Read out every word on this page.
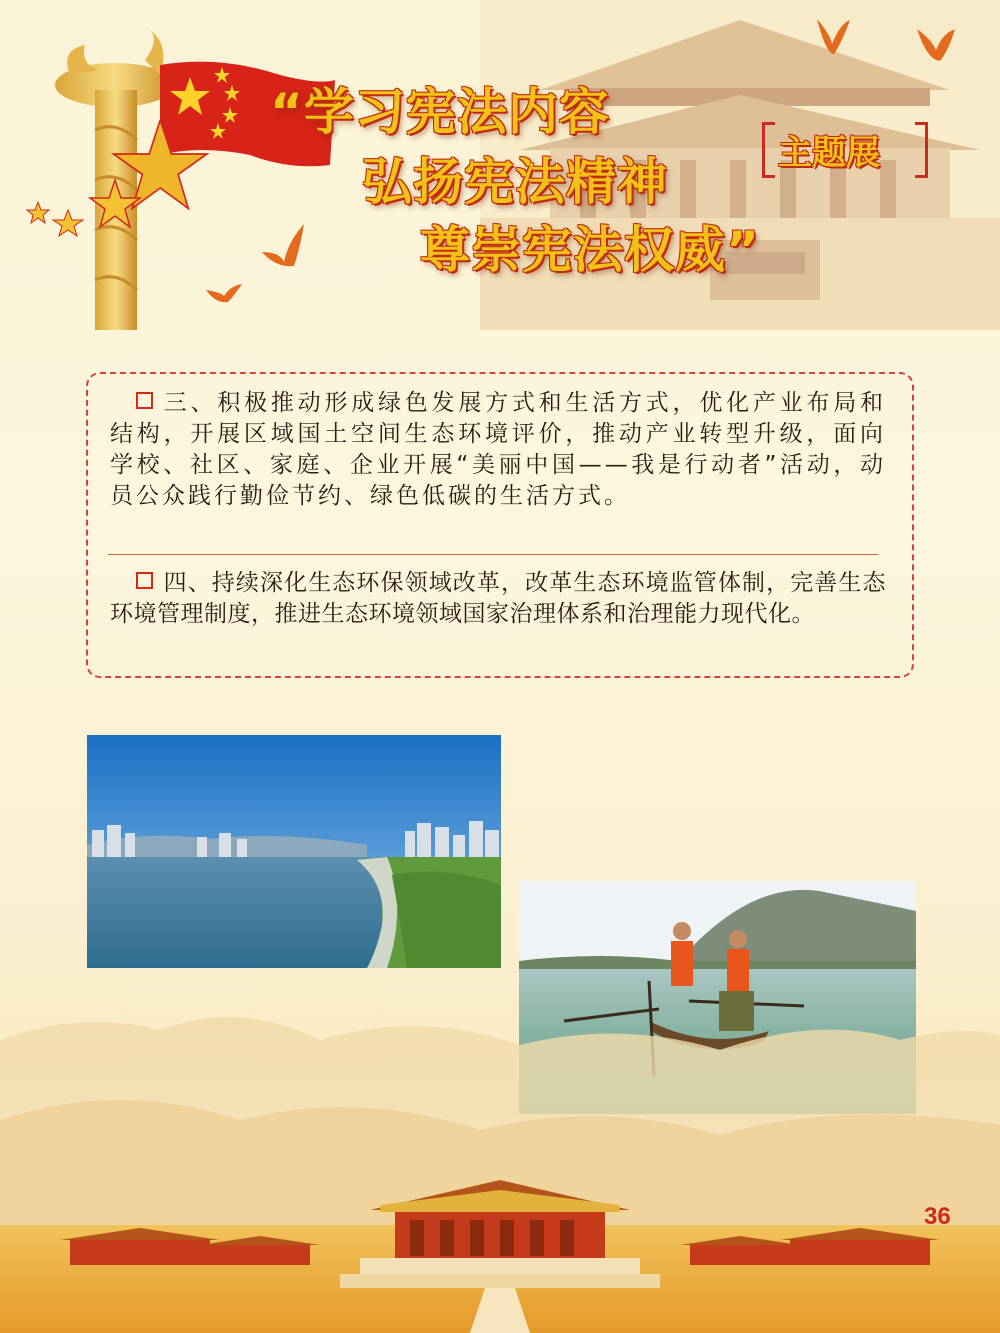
“学习宪法内容
弘扬宪法精神
尊崇宪法权威”
主题展

三、积极推动形成绿色发展方式和生活方式，优化产业布局和结构，开展区域国土空间生态环境评价，推动产业转型升级，面向学校、社区、家庭、企业开展“美丽中国——我是行动者”活动，动员公众践行勤俭节约、绿色低碳的生活方式。

四、持续深化生态环保领域改革，改革生态环境监管体制，完善生态环境管理制度，推进生态环境领域国家治理体系和治理能力现代化。

36
